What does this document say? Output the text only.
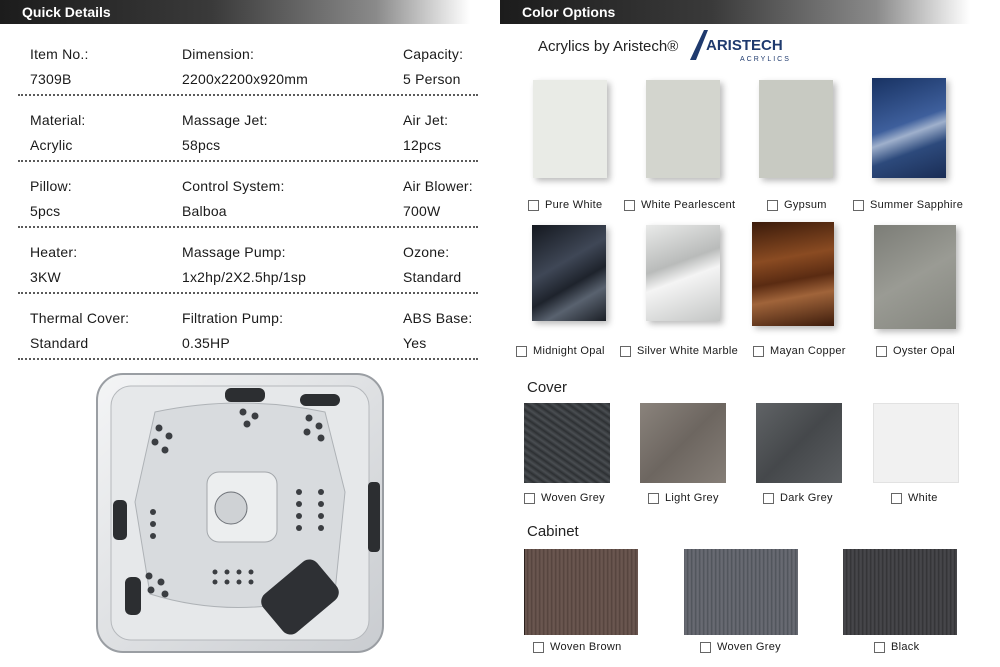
Quick Details	Color Options
Item No.:
7309B
Dimension:
2200x2200x920mm
Capacity:
5 Person
Material:
Acrylic
Massage Jet:
58pcs
Air Jet:
12pcs
Pillow:
5pcs
Control System:
Balboa
Air Blower:
700W
Heater:
3KW
Massage Pump:
1x2hp/2X2.5hp/1sp
Ozone:
Standard
Thermal Cover:
Standard
Filtration Pump:
0.35HP
ABS Base:
Yes
Acrylics by Aristech® ARISTECH
ACRYLICS
Pure White	White Pearlescent	Gypsum	Summer Sapphire
Midnight Opal	Silver White Marble	Mayan Copper	Oyster Opal
Cover
Woven Grey	Light Grey	Dark Grey	White
Cabinet
Woven Brown	Woven Grey	Black
